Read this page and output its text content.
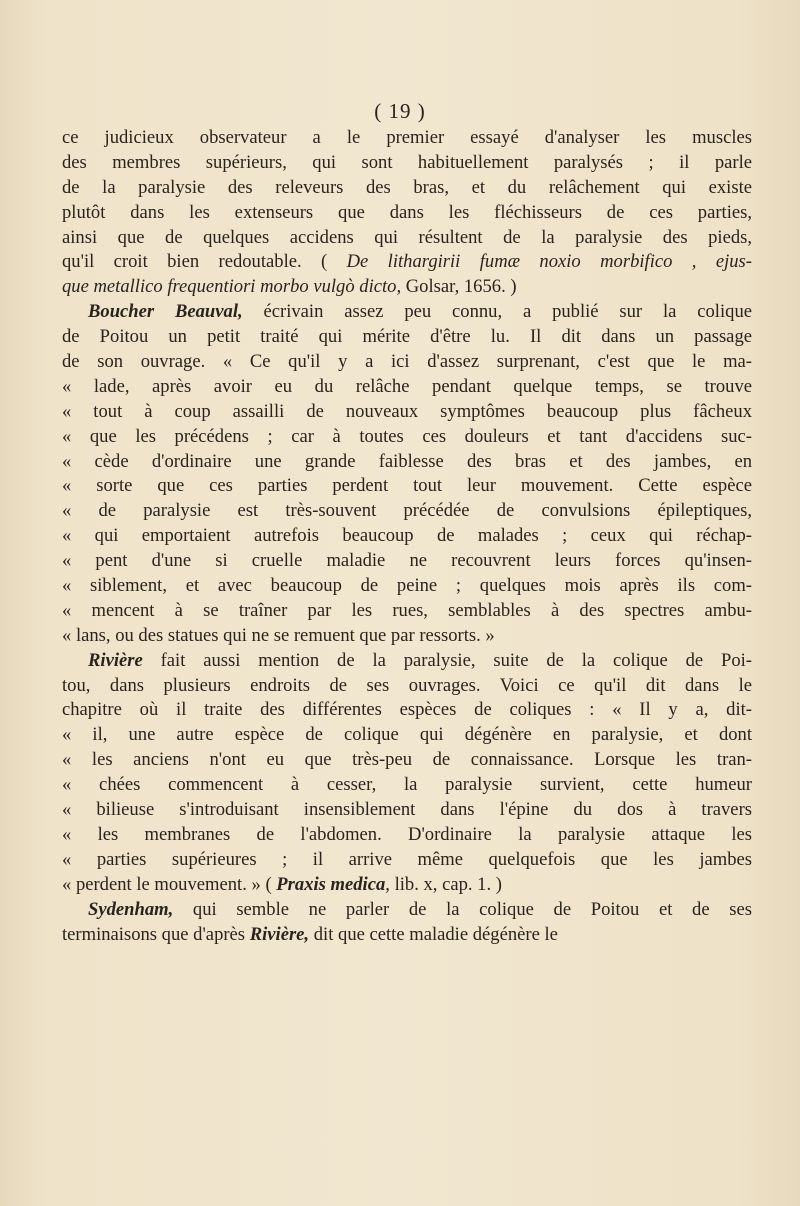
( 19 )
ce judicieux observateur a le premier essayé d'analyser les muscles
des membres supérieurs, qui sont habituellement paralysés ; il parle
de la paralysie des releveurs des bras, et du relâchement qui existe
plutôt dans les extenseurs que dans les fléchisseurs de ces parties,
ainsi que de quelques accidens qui résultent de la paralysie des pieds,
qu'il croit bien redoutable. ( De lithargirii fumæ noxio morbifico , ejus-
que metallico frequentiori morbo vulgò dicto, Golsar, 1656. )
Boucher Beauval, écrivain assez peu connu, a publié sur la colique
de Poitou un petit traité qui mérite d'être lu. Il dit dans un passage
de son ouvrage. « Ce qu'il y a ici d'assez surprenant, c'est que le ma-
« lade, après avoir eu du relâche pendant quelque temps, se trouve
« tout à coup assailli de nouveaux symptômes beaucoup plus fâcheux
« que les précédens ; car à toutes ces douleurs et tant d'accidens suc-
« cède d'ordinaire une grande faiblesse des bras et des jambes, en
« sorte que ces parties perdent tout leur mouvement. Cette espèce
« de paralysie est très-souvent précédée de convulsions épileptiques,
« qui emportaient autrefois beaucoup de malades ; ceux qui réchap-
« pent d'une si cruelle maladie ne recouvrent leurs forces qu'insen-
« siblement, et avec beaucoup de peine ; quelques mois après ils com-
« mencent à se traîner par les rues, semblables à des spectres ambu-
« lans, ou des statues qui ne se remuent que par ressorts. »
Rivière fait aussi mention de la paralysie, suite de la colique de Poi-
tou, dans plusieurs endroits de ses ouvrages. Voici ce qu'il dit dans le
chapitre où il traite des différentes espèces de coliques : « Il y a, dit-
« il, une autre espèce de colique qui dégénère en paralysie, et dont
« les anciens n'ont eu que très-peu de connaissance. Lorsque les tran-
« chées commencent à cesser, la paralysie survient, cette humeur
« bilieuse s'introduisant insensiblement dans l'épine du dos à travers
« les membranes de l'abdomen. D'ordinaire la paralysie attaque les
« parties supérieures ; il arrive même quelquefois que les jambes
« perdent le mouvement. » ( Praxis medica, lib. x, cap. 1. )
Sydenham, qui semble ne parler de la colique de Poitou et de ses
terminaisons que d'après Rivière, dit que cette maladie dégénère le
